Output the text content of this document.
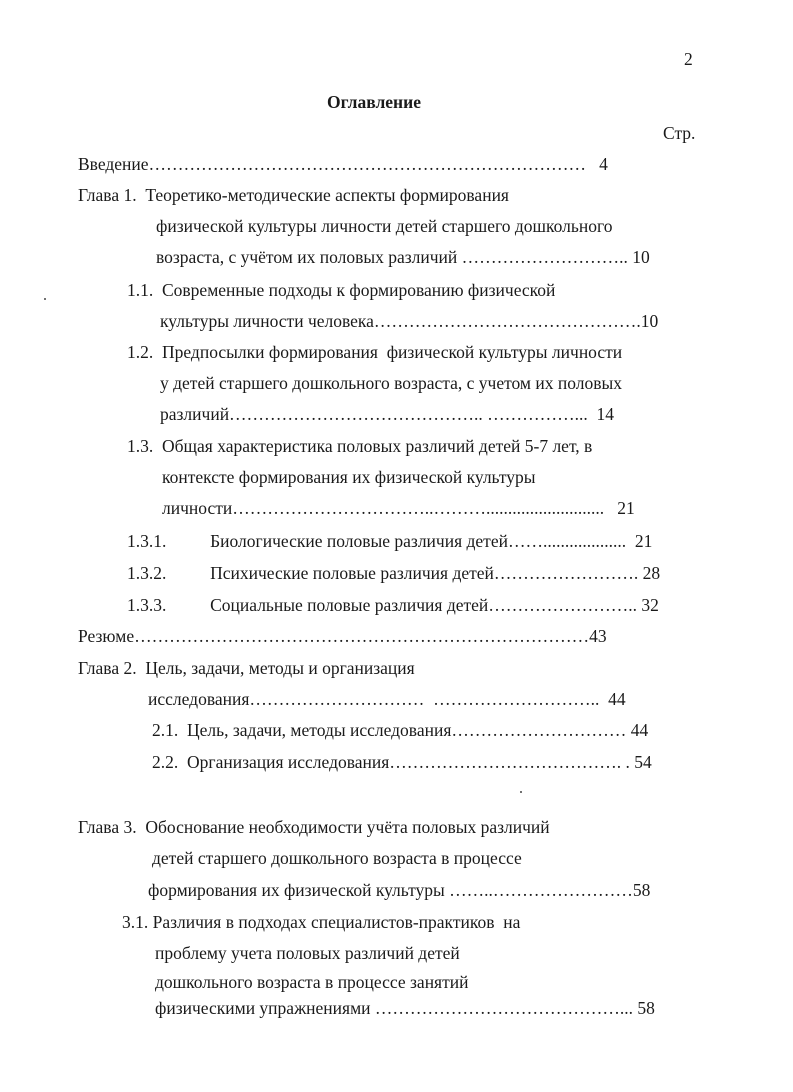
2
Оглавление
Стр.
Введение…………………………………………………………………   4
Глава 1.  Теоретико-методические аспекты формирования
физической культуры личности детей старшего дошкольного
возраста, с учётом их половых различий ……………………….. 10
1.1.  Современные подходы к формированию физической
культуры личности человека……………………………………….10
1.2.  Предпосылки формирования  физической культуры личности
у детей старшего дошкольного возраста, с учетом их половых
различий…………………………………….. ……………...  14
1.3.  Общая характеристика половых различий детей 5-7 лет, в
контексте формирования их физической культуры
личности……………………………..………...........................   21
1.3.1.          Биологические половые различия детей……...................  21
1.3.2.          Психические половые различия детей……………………. 28
1.3.3.          Социальные половые различия детей…………………….. 32
Резюме……………………………………………………………………43
Глава 2.  Цель, задачи, методы и организация
исследования…………………………  ………………………..  44
2.1.  Цель, задачи, методы исследования………………………… 44
2.2.  Организация исследования…………………………………. . 54
Глава 3.  Обоснование необходимости учёта половых различий
детей старшего дошкольного возраста в процессе
формирования их физической культуры ……..……………………58
3.1. Различия в подходах специалистов-практиков  на
проблему учета половых различий детей
дошкольного возраста в процессе занятий
физическими упражнениями ……………………………………... 58
